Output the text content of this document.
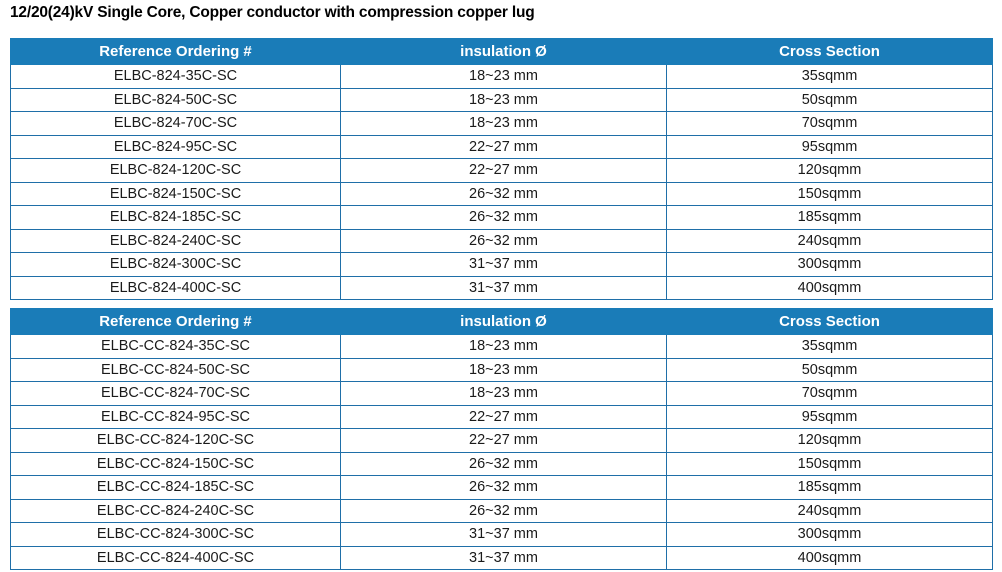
12/20(24)kV Single Core, Copper conductor with compression copper lug
Reference Ordering #	insulation Ø	Cross Section
ELBC-824-35C-SC	18~23 mm	35sqmm
ELBC-824-50C-SC	18~23 mm	50sqmm
ELBC-824-70C-SC	18~23 mm	70sqmm
ELBC-824-95C-SC	22~27 mm	95sqmm
ELBC-824-120C-SC	22~27 mm	120sqmm
ELBC-824-150C-SC	26~32 mm	150sqmm
ELBC-824-185C-SC	26~32 mm	185sqmm
ELBC-824-240C-SC	26~32 mm	240sqmm
ELBC-824-300C-SC	31~37 mm	300sqmm
ELBC-824-400C-SC	31~37 mm	400sqmm
Reference Ordering #	insulation Ø	Cross Section
ELBC-CC-824-35C-SC	18~23 mm	35sqmm
ELBC-CC-824-50C-SC	18~23 mm	50sqmm
ELBC-CC-824-70C-SC	18~23 mm	70sqmm
ELBC-CC-824-95C-SC	22~27 mm	95sqmm
ELBC-CC-824-120C-SC	22~27 mm	120sqmm
ELBC-CC-824-150C-SC	26~32 mm	150sqmm
ELBC-CC-824-185C-SC	26~32 mm	185sqmm
ELBC-CC-824-240C-SC	26~32 mm	240sqmm
ELBC-CC-824-300C-SC	31~37 mm	300sqmm
ELBC-CC-824-400C-SC	31~37 mm	400sqmm
